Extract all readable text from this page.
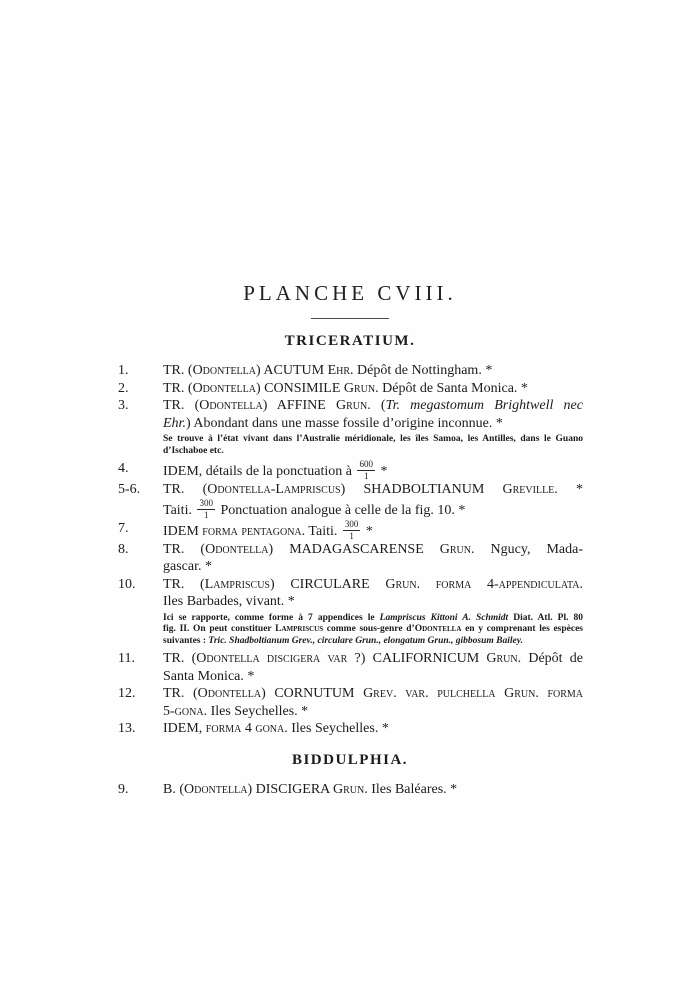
PLANCHE CVIII.
TRICERATIUM.
1.	TR. (Odontella) ACUTUM Ehr. Dépôt de Nottingham. *
2.	TR. (Odontella) CONSIMILE Grun. Dépôt de Santa Monica. *
3.	TR. (Odontella) AFFINE Grun. (Tr. megastomum Brightwell nec
Ehr.) Abondant dans une masse fossile d’origine inconnue. *
Se trouve à l’état vivant dans l’Australie méridionale, les îles Samoa, les Antilles, dans le Guano
d’Ischaboe etc.
4.	IDEM, détails de la ponctuation à $\frac{600}{1}$ *
5-6.	TR. (Odontella-Lampriscus) SHADBOLTIANUM Greville. *
Taiti. $\frac{300}{1}$ Ponctuation analogue à celle de la fig. 10. *
7.	IDEM forma pentagona. Taiti. $\frac{300}{1}$ *
8.	TR. (Odontella) MADAGASCARENSE Grun. Ngucy, Mada-
gascar. *
10.	TR. (Lampriscus) CIRCULARE Grun. forma 4-appendiculata.
Iles Barbades, vivant. *
Ici se rapporte, comme forme à 7 appendices le Lampriscus Kittoni A. Schmidt Diat. Atl. Pl. 80
fig. II. On peut constituer Lampriscus comme sous-genre d’Odontella en y comprenant les espèces
suivantes : Tric. Shadboltianum Grev., circulare Grun., elongatum Grun., gibbosum Bailey.
11.	TR. (Odontella discigera var ?) CALIFORNICUM Grun. Dépôt de
Santa Monica. *
12.	TR. (Odontella) CORNUTUM Grev. var. pulchella Grun. forma
5-gona. Iles Seychelles. *
13.	IDEM, forma 4 gona. Iles Seychelles. *
BIDDULPHIA.
9.	B. (Odontella) DISCIGERA Grun. Iles Baléares. *
